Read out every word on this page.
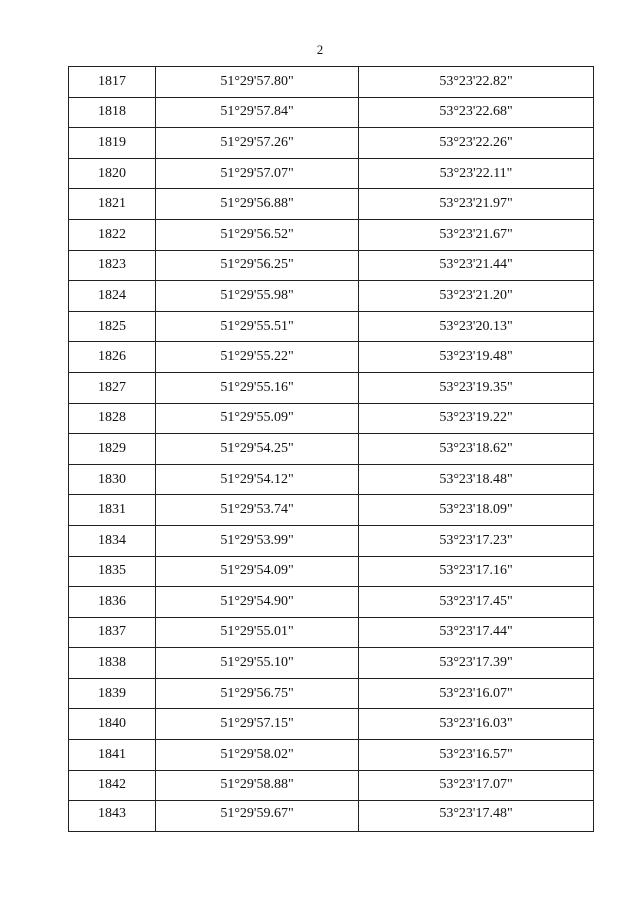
2
1817	51°29'57.80"	53°23'22.82"
1818	51°29'57.84"	53°23'22.68"
1819	51°29'57.26"	53°23'22.26"
1820	51°29'57.07"	53°23'22.11"
1821	51°29'56.88"	53°23'21.97"
1822	51°29'56.52"	53°23'21.67"
1823	51°29'56.25"	53°23'21.44"
1824	51°29'55.98"	53°23'21.20"
1825	51°29'55.51"	53°23'20.13"
1826	51°29'55.22"	53°23'19.48"
1827	51°29'55.16"	53°23'19.35"
1828	51°29'55.09"	53°23'19.22"
1829	51°29'54.25"	53°23'18.62"
1830	51°29'54.12"	53°23'18.48"
1831	51°29'53.74"	53°23'18.09"
1834	51°29'53.99"	53°23'17.23"
1835	51°29'54.09"	53°23'17.16"
1836	51°29'54.90"	53°23'17.45"
1837	51°29'55.01"	53°23'17.44"
1838	51°29'55.10"	53°23'17.39"
1839	51°29'56.75"	53°23'16.07"
1840	51°29'57.15"	53°23'16.03"
1841	51°29'58.02"	53°23'16.57"
1842	51°29'58.88"	53°23'17.07"
1843	51°29'59.67"	53°23'17.48"
